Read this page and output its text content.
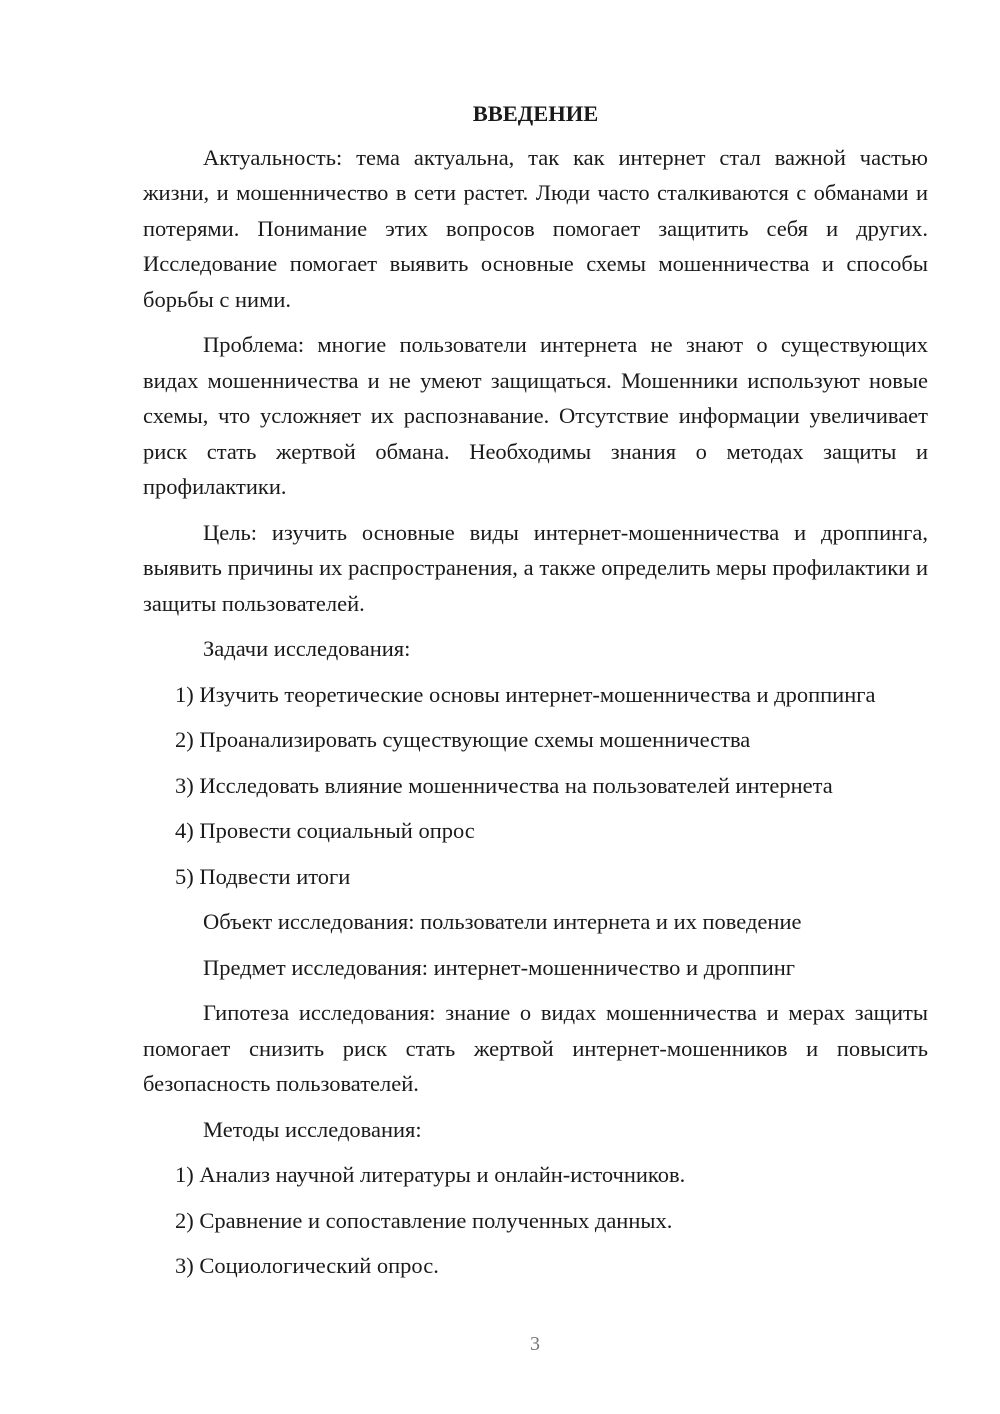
ВВЕДЕНИЕ

Актуальность: тема актуальна, так как интернет стал важной частью жизни, и мошенничество в сети растет. Люди часто сталкиваются с обманами и потерями. Понимание этих вопросов помогает защитить себя и других. Исследование помогает выявить основные схемы мошенничества и способы борьбы с ними.

Проблема: многие пользователи интернета не знают о существующих видах мошенничества и не умеют защищаться. Мошенники используют новые схемы, что усложняет их распознавание. Отсутствие информации увеличивает риск стать жертвой обмана. Необходимы знания о методах защиты и профилактики.

Цель: изучить основные виды интернет-мошенничества и дроппинга, выявить причины их распространения, а также определить меры профилактики и защиты пользователей.

Задачи исследования:

1) Изучить теоретические основы интернет-мошенничества и дроппинга

2) Проанализировать существующие схемы мошенничества

3) Исследовать влияние мошенничества на пользователей интернета

4) Провести социальный опрос

5) Подвести итоги

Объект исследования: пользователи интернета и их поведение

Предмет исследования: интернет-мошенничество и дроппинг

Гипотеза исследования: знание о видах мошенничества и мерах защиты помогает снизить риск стать жертвой интернет-мошенников и повысить безопасность пользователей.

Методы исследования:

1) Анализ научной литературы и онлайн-источников.

2) Сравнение и сопоставление полученных данных.

3) Социологический опрос.

3
